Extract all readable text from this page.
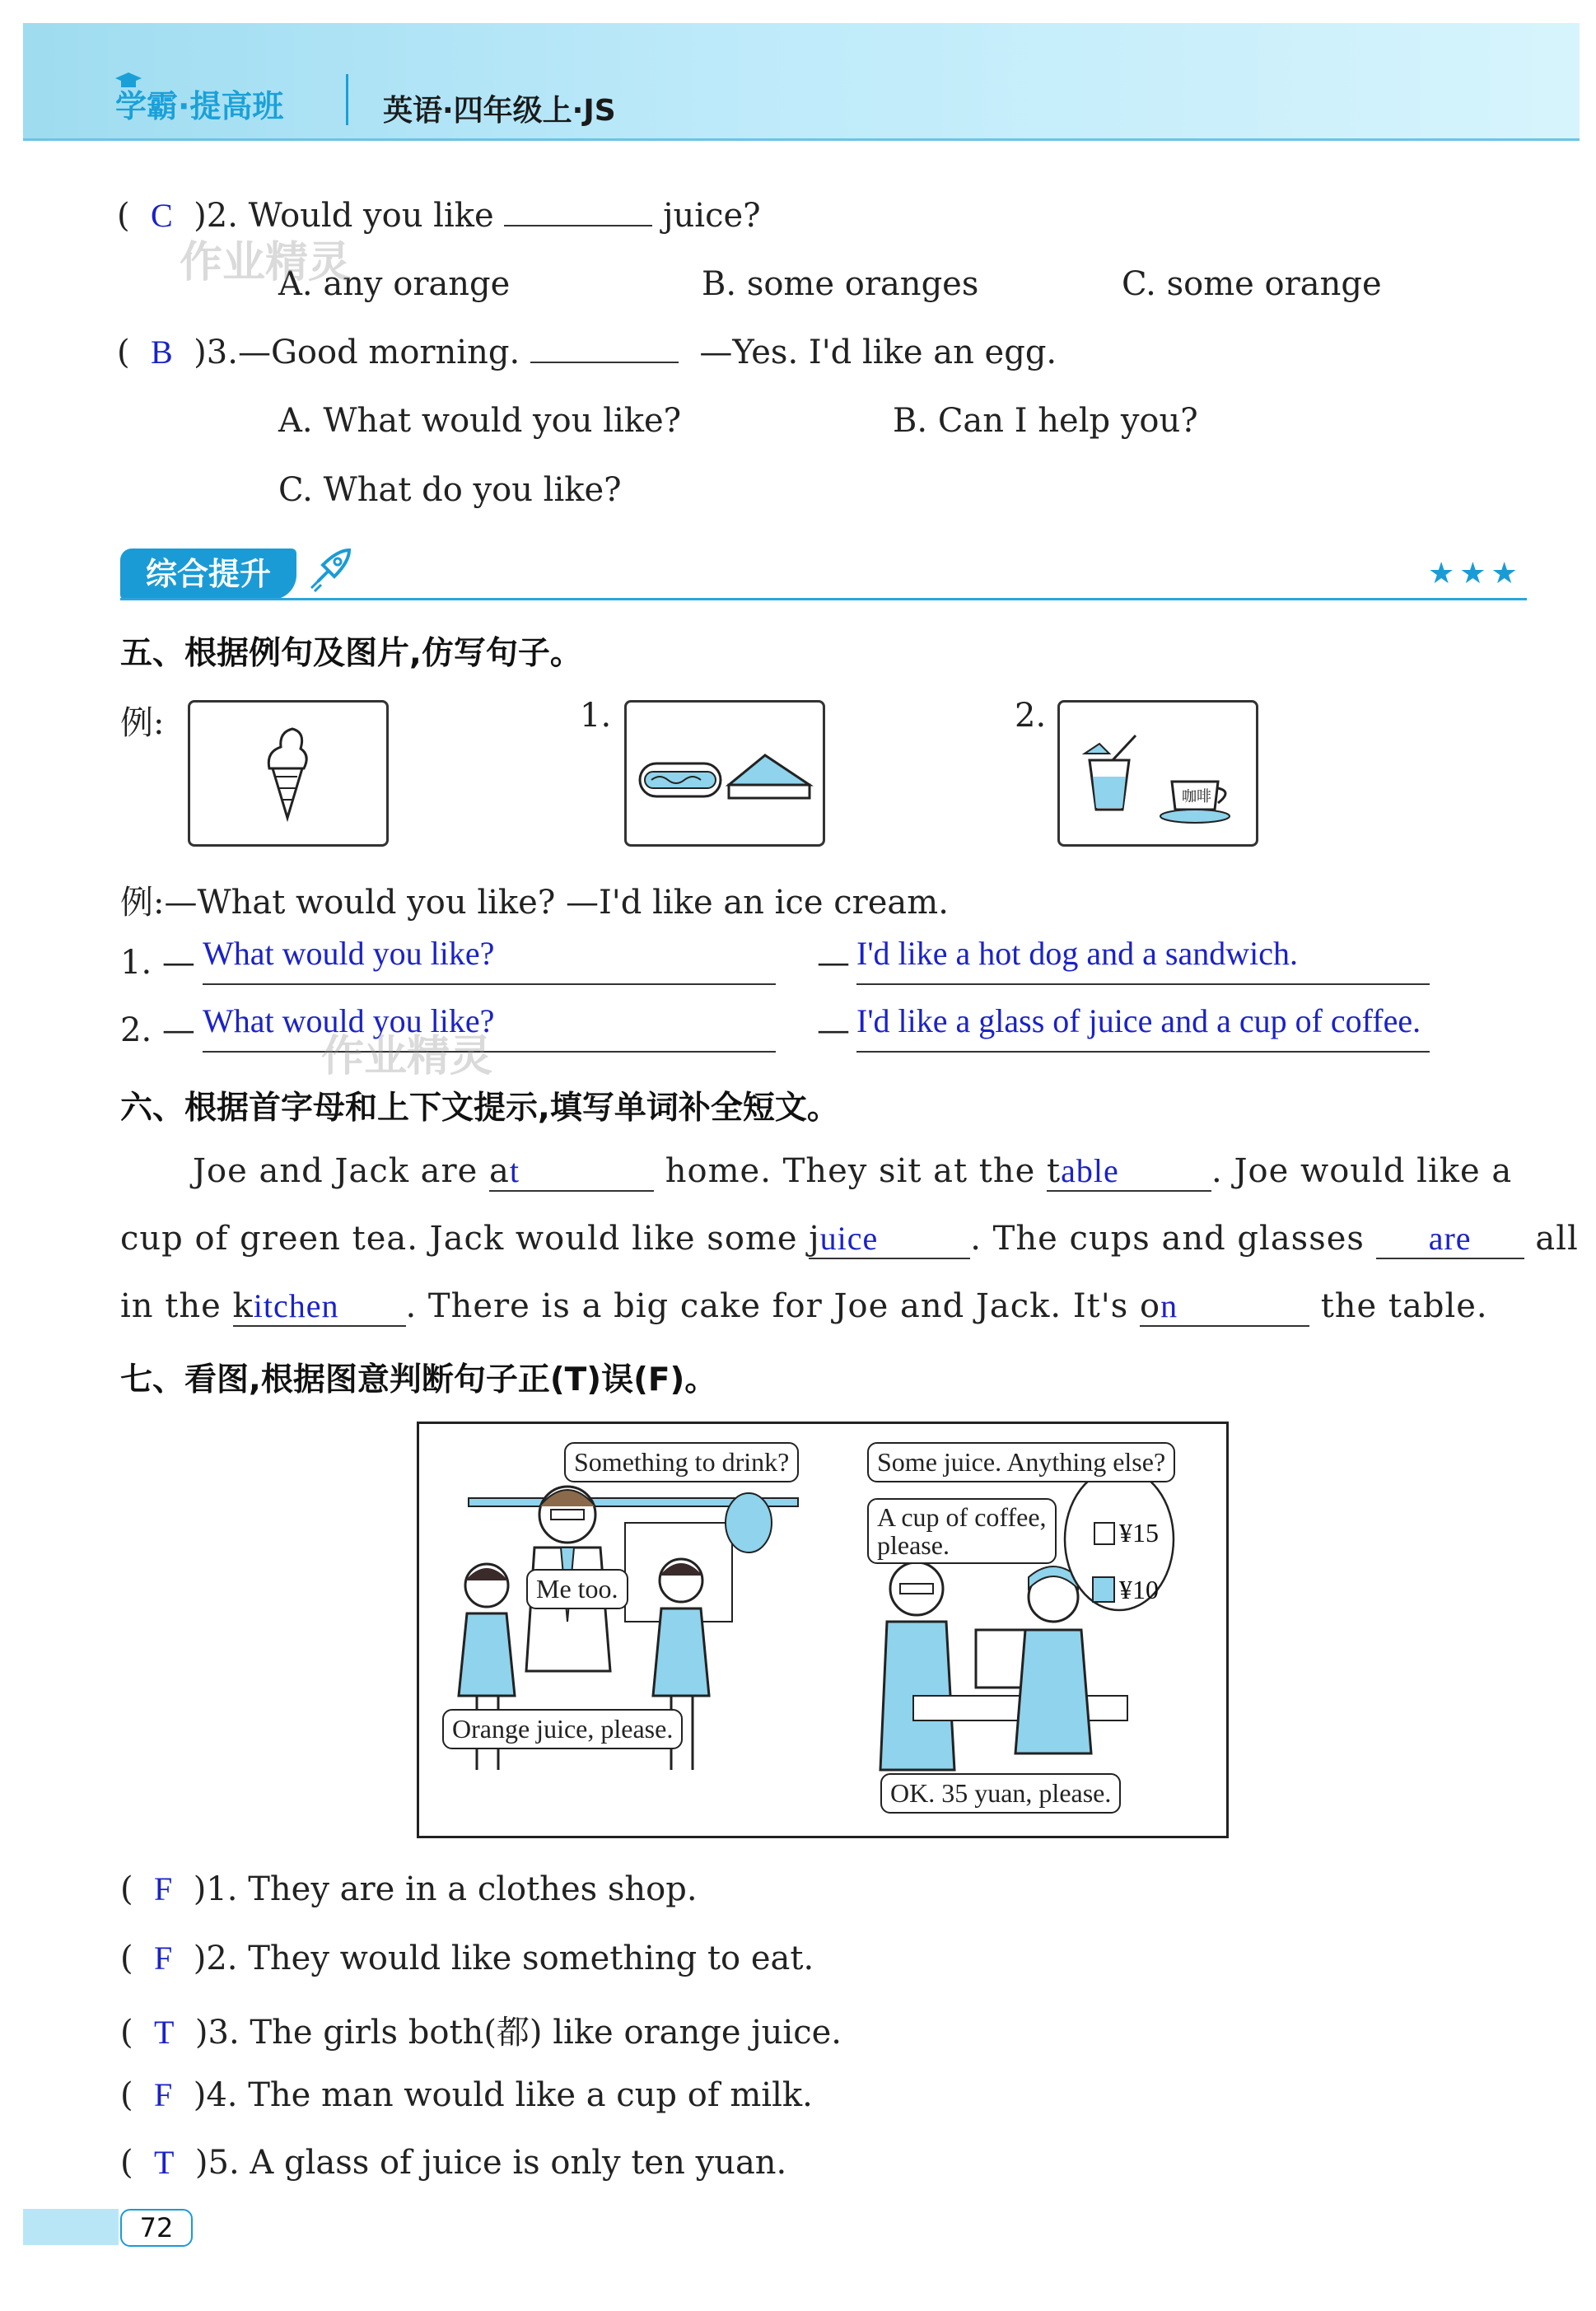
学霸·提高班	英语·四年级上·JS
(  C )2. Would you like	juice?
A. any orange	B. some oranges	C. some orange
(  B )3.—Good morning.	—Yes. I'd like an egg.
A. What would you like?	B. Can I help you?
C. What do you like?
作业精灵
综合提升	★★★
五、根据例句及图片,仿写句子。
例:	1.	2.
咖啡
例:—What would you like? —I'd like an ice cream.
1. — What would you like?	— I'd like a hot dog and a sandwich.
2. — What would you like?	— I'd like a glass of juice and a cup of coffee.
作业精灵
六、根据首字母和上下文提示,填写单词补全短文。
Joe and Jack are at	home. They sit at the table	. Joe would like a
cup of green tea. Jack would like some juice	. The cups and glasses are all
in the kitchen . There is a big cake for Joe and Jack. It's on	the table.
七、看图,根据图意判断句子正(T)误(F)。
¥15
¥10
Something to drink?
Me too.
Orange juice, please.
Some juice. Anything else?
A cup of coffee,
please.
OK. 35 yuan, please.
(  F )1. They are in a clothes shop.
(  F )2. They would like something to eat.
(  T )3. The girls both(都) like orange juice.
(  F )4. The man would like a cup of milk.
(  T )5. A glass of juice is only ten yuan.
72
